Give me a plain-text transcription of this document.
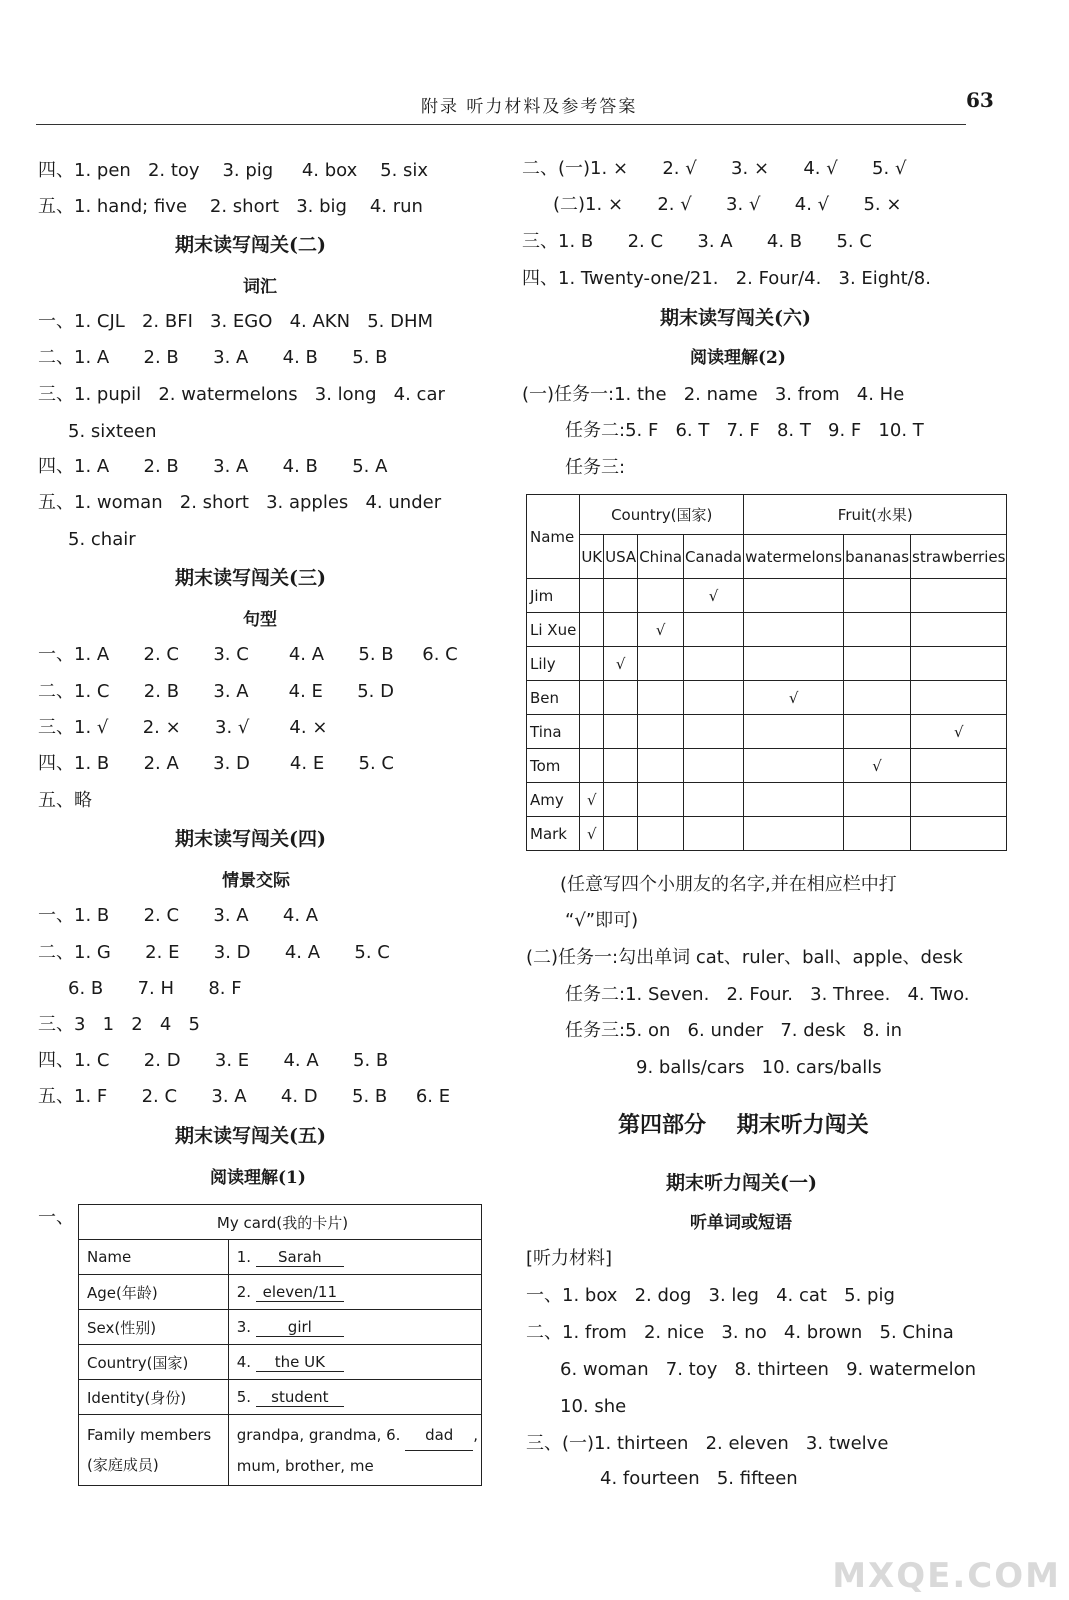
附录 听力材料及参考答案	63
四、1. pen   2. toy    3. pig     4. box    5. six
五、1. hand; five    2. short   3. big    4. run
期末读写闯关(二)
词汇
一、1. CJL   2. BFI   3. EGO   4. AKN   5. DHM
二、1. A      2. B      3. A      4. B      5. B
三、1. pupil   2. watermelons   3. long   4. car
5. sixteen
四、1. A      2. B      3. A      4. B      5. A
五、1. woman   2. short   3. apples   4. under
5. chair
期末读写闯关(三)
句型
一、1. A      2. C      3. C       4. A      5. B     6. C
二、1. C      2. B      3. A       4. E      5. D
三、1. √      2. ×      3. √       4. ×
四、1. B      2. A      3. D       4. E      5. C
五、略
期末读写闯关(四)
情景交际
一、1. B      2. C      3. A      4. A
二、1. G      2. E      3. D      4. A      5. C
6. B      7. H      8. F
三、3   1   2   4   5
四、1. C      2. D      3. E      4. A      5. B
五、1. F      2. C      3. A      4. D      5. B     6. E
期末读写闯关(五)
阅读理解(1)
一、	My card(我的卡片)	
Name	1. Sarah
Age(年龄)	2. eleven/11
Sex(性别)	3. girl
Country(国家)	4. the UK
Identity(身份)	5. student
Family members
(家庭成员)	grandpa, grandma, 6. dad ,
mum, brother, me
二、(一)1. ×      2. √      3. ×      4. √      5. √
(二)1. ×      2. √      3. √      4. √      5. ×
三、1. B      2. C      3. A      4. B      5. C
四、1. Twenty-one/21.   2. Four/4.   3. Eight/8.
期末读写闯关(六)
阅读理解(2)
(一)任务一:1. the   2. name   3. from   4. He
任务二:5. F   6. T   7. F   8. T   9. F   10. T
任务三:
Name	Country(国家)				Fruit(水果)		
	UK	USA	China	Canada	watermelons	bananas	strawberries
Jim				√			
Li Xue			√				
Lily		√					
Ben					√		
Tina							√
Tom						√	
Amy	√						
Mark	√						
(任意写四个小朋友的名字,并在相应栏中打
“√”即可)
(二)任务一:勾出单词 cat、ruler、ball、apple、desk
任务二:1. Seven.   2. Four.   3. Three.   4. Two.
任务三:5. on   6. under   7. desk   8. in
9. balls/cars   10. cars/balls
第四部分    期末听力闯关
期末听力闯关(一)
听单词或短语
[听力材料]
一、1. box   2. dog   3. leg   4. cat   5. pig
二、1. from   2. nice   3. no   4. brown   5. China
6. woman   7. toy   8. thirteen   9. watermelon
10. she
三、(一)1. thirteen   2. eleven   3. twelve
4. fourteen   5. fifteen
MXQE.COM
